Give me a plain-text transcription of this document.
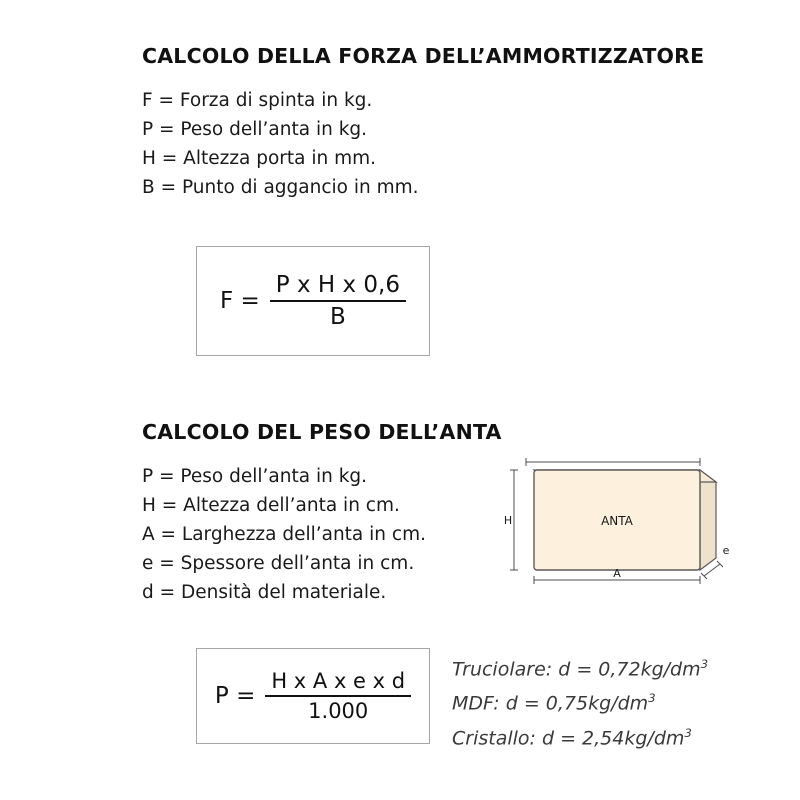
CALCOLO DELLA FORZA DELL’AMMORTIZZATORE
F = Forza di spinta in kg.
P = Peso dell’anta in kg.
H = Altezza porta in mm.
B = Punto di aggancio in mm.
$F = \frac{\text{P x H x 0,6}}{B}$
CALCOLO DEL PESO DELL’ANTA
P = Peso dell’anta in kg.
H = Altezza dell’anta in cm.
A = Larghezza dell’anta in cm.
e = Spessore dell’anta in cm.
d = Densità del materiale.
$P = \frac{\text{H x A x e x d}}{1.000}$
ANTA
H
A
e
Truciolare: $d = 0,72kg/dm^3$
MDF: $d = 0,75kg/dm^3$
Cristallo: $d = 2,54kg/dm^3$
